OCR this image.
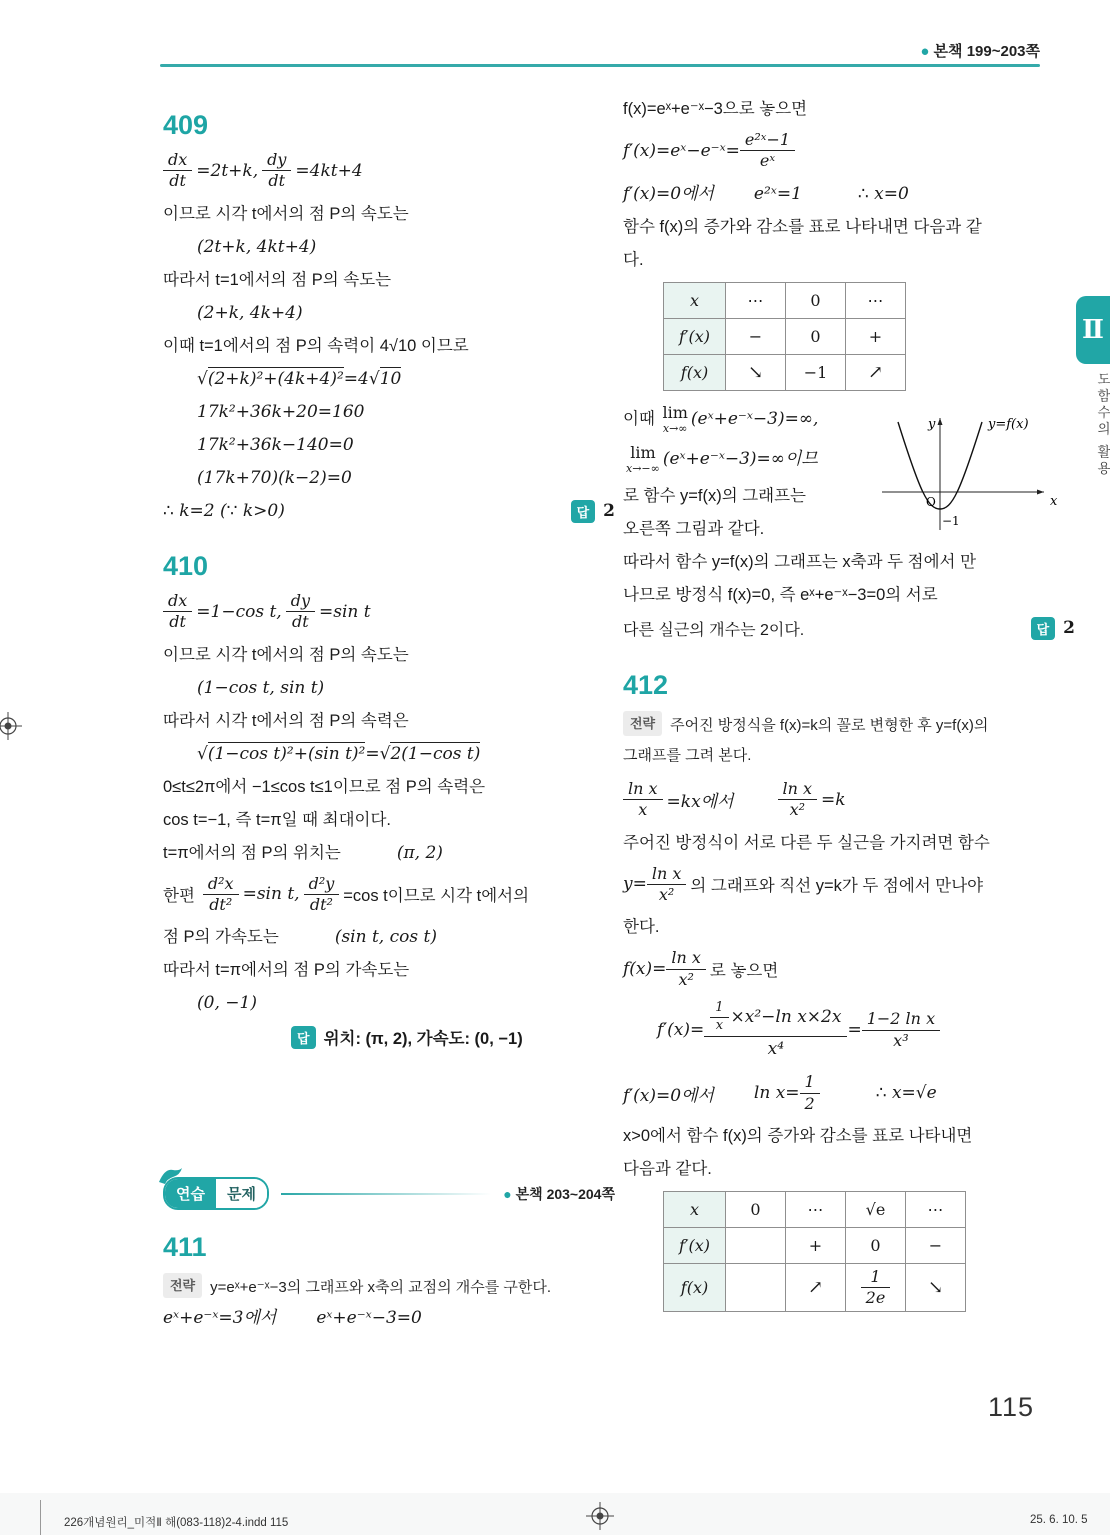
● 본책 199~203쪽
409
$\frac{dx}{dt} =2t+k$, $\frac{dy}{dt} =4kt+4$

이므로 시각 t에서의 점 P의 속도는

(2t+k, 4kt+4)

따라서 t=1에서의 점 P의 속도는

(2+k, 4k+4)

이때 t=1에서의 점 P의 속력이 4√10 이므로

√(2+k)²+(4k+4)²=4√10

17k²+36k+20=160

17k²+36k−140=0

(17k+70)(k−2)=0

∴ k=2 (∵ k>0)	답 2
410
$\frac{dx}{dt} =1-\cos$ t, $\frac{dy}{dt} =\sin$ t

이므로 시각 t에서의 점 P의 속도는

(1−cos t, sin t)

따라서 시각 t에서의 점 P의 속력은

√(1−cos t)²+(sin t)²=√2(1−cos t)

0≤t≤2π에서 −1≤cos t≤1이므로 점 P의 속력은

cos t=−1, 즉 t=π일 때 최대이다.

t=π에서의 점 P의 위치는	(π, 2)

한편 $\frac{\text{d²x}}{\text{dt²}} =\sin$ t, $\frac{\text{d²y}}{\text{dt²}} =\cos$ t이므로 시각 t에서의

점 P의 가속도는	(sin t, cos t)

따라서 t=π에서의 점 P의 가속도는

(0, −1)

답 위치: (π, 2), 가속도: (0, −1)
연습	문제	● 본책 203~204쪽
411

전략 y=eˣ+e⁻ˣ−3의 그래프와 x축의 교점의 개수를 구한다.

eˣ+e⁻ˣ=3에서 eˣ+e⁻ˣ−3=0

f(x)=eˣ+e⁻ˣ−3으로 놓으면

f′(x)=eˣ−e⁻ˣ= $\frac{\text{e²ˣ−1}}{\text{eˣ}}$

f′(x)=0에서 e²ˣ=1	∴ x=0

함수 f(x)의 증가와 감소를 표로 나타내면 다음과 같

다.

x	⋯	0	⋯
f′(x)	−	0	+
f(x)	↘	−1	↗

이때 lim
x→∞ (eˣ+e⁻ˣ−3)=∞,

lim
x→−∞ (eˣ+e⁻ˣ−3)=∞이므

로 함수 y=f(x)의 그래프는

오른쪽 그림과 같다.

y
x
O
−1
y=f(x)

따라서 함수 y=f(x)의 그래프는 x축과 두 점에서 만

나므로 방정식 f(x)=0, 즉 eˣ+e⁻ˣ−3=0의 서로

다른 실근의 개수는 2이다.	답 2
412

전략 주어진 방정식을 f(x)=k의 꼴로 변형한 후 y=f(x)의

그래프를 그려 본다.

$\frac{\text{ln x}}{x} =kx$에서	$\frac{\text{ln x}}{\text{x²}} =k$

주어진 방정식이 서로 다른 두 실근을 가지려면 함수

$y= \frac{\text{ln x}}{\text{x²}}$ 의 그래프와 직선 y=k가 두 점에서 만나야

한다.

$f(x)= \frac{\text{ln x}}{\text{x²}}$ 로 놓으면
$f'(x)= \frac{\frac{1}{x} \times x^2-\ln x\times 2x}{\text{x⁴}} = \frac{\text{1−2 ln x}}{\text{x³}}$
f′(x)=0에서 $\ln x= \frac{1}{2}$	∴ x=√e

x>0에서 함수 f(x)의 증가와 감소를 표로 나타내면

다음과 같다.

x	0	⋯	√e	⋯
f′(x)		+	0	−
f(x)		↗	$\frac{1}{2e}$	↘
Ⅱ
도함수의 활용
115
226개념원리_미적Ⅱ 해(083-118)2-4.indd 115	25. 6. 10. 5
